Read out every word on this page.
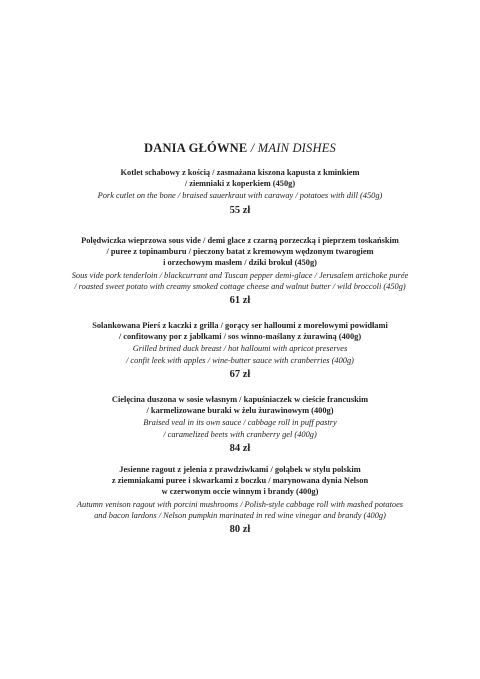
DANIA GŁÓWNE / MAIN DISHES
Kotlet schabowy z kością / zasmażana kiszona kapusta z kminkiem
/ ziemniaki z koperkiem (450g)
Pork cutlet on the bone / braised sauerkraut with caraway / potatoes with dill (450g)
55 zł
Polędwiczka wieprzowa sous vide / demi glace z czarną porzeczką i pieprzem toskańskim
/ puree z topinamburu / pieczony batat z kremowym wędzonym twarogiem
i orzechowym masłem / dziki brokuł (450g)
Sous vide pork tenderloin / blackcurrant and Tuscan pepper demi-glace / Jerusalem artichoke purée
/ roasted sweet potato with creamy smoked cottage cheese and walnut butter / wild broccoli (450g)
61 zł
Solankowana Pierś z kaczki z grilla / gorący ser halloumi z morelowymi powidłami
/ confitowany por z jabłkami / sos winno-maślany z żurawiną (400g)
Grilled brined duck breast / hot halloumi with apricot preserves
/ confit leek with apples / wine-butter sauce with cranberries (400g)
67 zł
Cielęcina duszona w sosie własnym / kapuśniaczek w cieście francuskim
/ karmelizowane buraki w żelu żurawinowym (400g)
Braised veal in its own sauce / cabbage roll in puff pastry
/ caramelized beets with cranberry gel (400g)
84 zł
Jesienne ragout z jelenia z prawdziwkami / gołąbek w stylu polskim
z ziemniakami puree i skwarkami z boczku / marynowana dynia Nelson
w czerwonym occie winnym i brandy (400g)
Autumn venison ragout with porcini mushrooms / Polish-style cabbage roll with mashed potatoes
and bacon lardons / Nelson pumpkin marinated in red wine vinegar and brandy (400g)
80 zł
